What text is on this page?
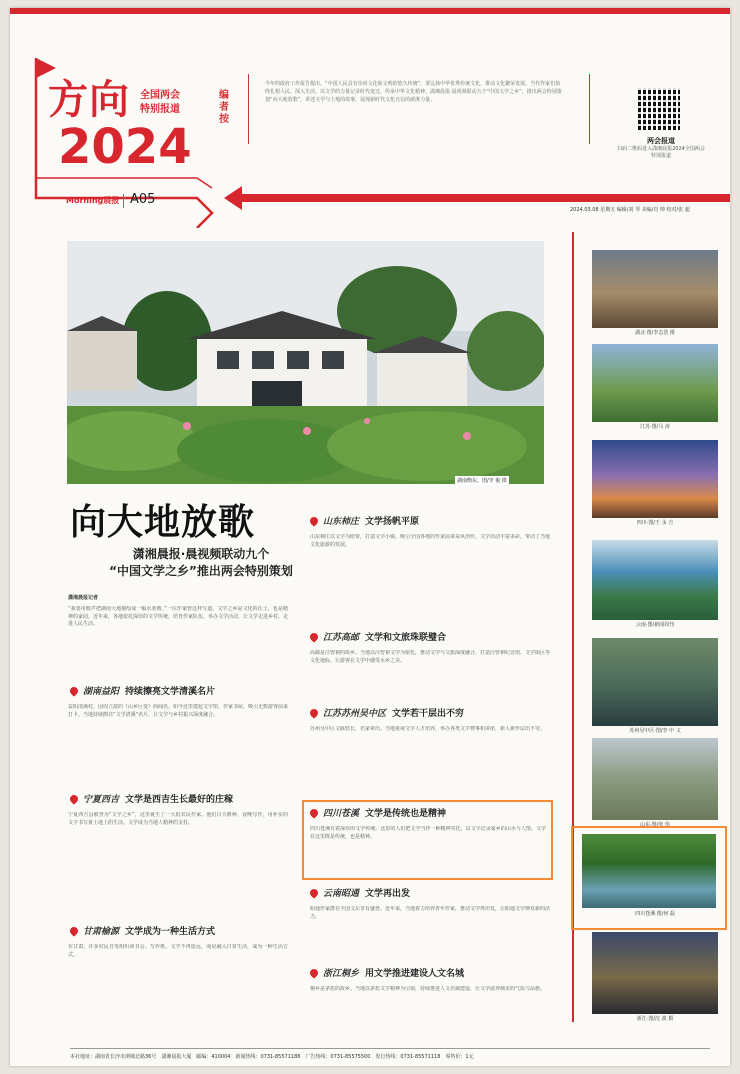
方向
2024
全国两会
特别报道
Morning晨报 A05
编者按
今年的政府工作报告提出，“中国人民具有崇尚文化和文明的悠久传统”，要弘扬中华优秀传统文化，推动文化繁荣发展。当代作家们始终扎根人民、深入生活，以文学的力量记录时代变迁，传承中华文化精神。潇湘晨报·晨视频联动九个“中国文学之乡”，推出两会特别策划“向大地放歌”，讲述文学与土地的故事，展现新时代文化自信的澎湃力量。
两会报道
扫码二维码进入潇湘晨报2024全国两会特别报道
2024.03.08 星期五 编辑/刘 琴 美编/肖 帅 校对/张 超
湖南衡东。图/李 俊 摄
向大地放歌
潇湘晨报·晨视频联动九个
“中国文学之乡”推出两会特别策划
潇湘晨报记者
“我要用歌声把湖南大地描绘成一幅水墨画。”一位作家曾这样写道。文学之乡是文化的沃土，也是精神的家园。近年来，各地依托深厚的文学传统，培育作家队伍，举办文学活动，让文学走进乡村、走进人民生活。
湖南益阳 持续擦亮文学清溪名片
益阳清溪村，因周立波的《山乡巨变》而闻名。如今这里建起文学馆、作家书屋，吸引无数游客前来打卡。当地持续擦亮“文学清溪”名片，让文学与乡村振兴深度融合。
宁夏西吉 文学是西吉生长最好的庄稼
宁夏西吉县被誉为“文学之乡”，这里诞生了一大批农民作家。他们白天耕种，夜晚写作，用朴实的文字书写黄土地上的生活。文学成为当地人精神的支柱。
甘肃榆源 文学成为一种生活方式
在甘肃，许多村民自发组织读书会、写作班。文学不再遥远，而是融入日常生活，成为一种生活方式。
山东柿庄 文学扬帆平原
山东柿庄以文学为纽带，打造文学小镇，吸引全国各地的作家前来采风创作。文学活动丰富多彩，带动了当地文化旅游的发展。
江苏高邮 文学和文旅珠联璧合
高邮是汪曾祺的故乡。当地以汪曾祺文学为依托，推动文学与文旅深度融合，打造汪曾祺纪念馆、文学街区等文化地标，让游客在文学中感受水乡之美。
江苏苏州吴中区 文学若干层出不穷
苏州吴中区文脉悠长，名家辈出。当地重视文学人才培养，举办各类文学赛事和讲座，新人新作层出不穷。
四川苍溪 文学是传统也是精神
四川苍溪有着深厚的文学传统。这里的人们把文学当作一种精神寄托，以文字记录家乡的山水与人情。文学在这里既是传统，也是精神。
云南昭通 文学再出发
昭通作家群在全国文坛享有盛誉。近年来，当地着力培养青年作家，推动文学再出发，让昭通文学焕发新的活力。
浙江桐乡 用文学推进建设人文名城
桐乡是茅盾的故乡。当地以茅盾文学精神为引领，持续推进人文名城建设，让文学滋养城市的气质与品格。
湖北·图/李志浩 摄
江苏·图/马 涛
四川·图/王 永 吉
云南·图/新闻周刊
苏州吴中区·图/李 中 文
山东·图/张 伟
四川苍溪·图/何 磊
浙江·图/沈 波 摄
本社地址：湖南省长沙市浏城北路36号　潇湘晨报大厦　邮编：410004　新闻热线：0731-85571188　广告热线：0731-85575500　发行热线：0731-85571118　零售价：1元
